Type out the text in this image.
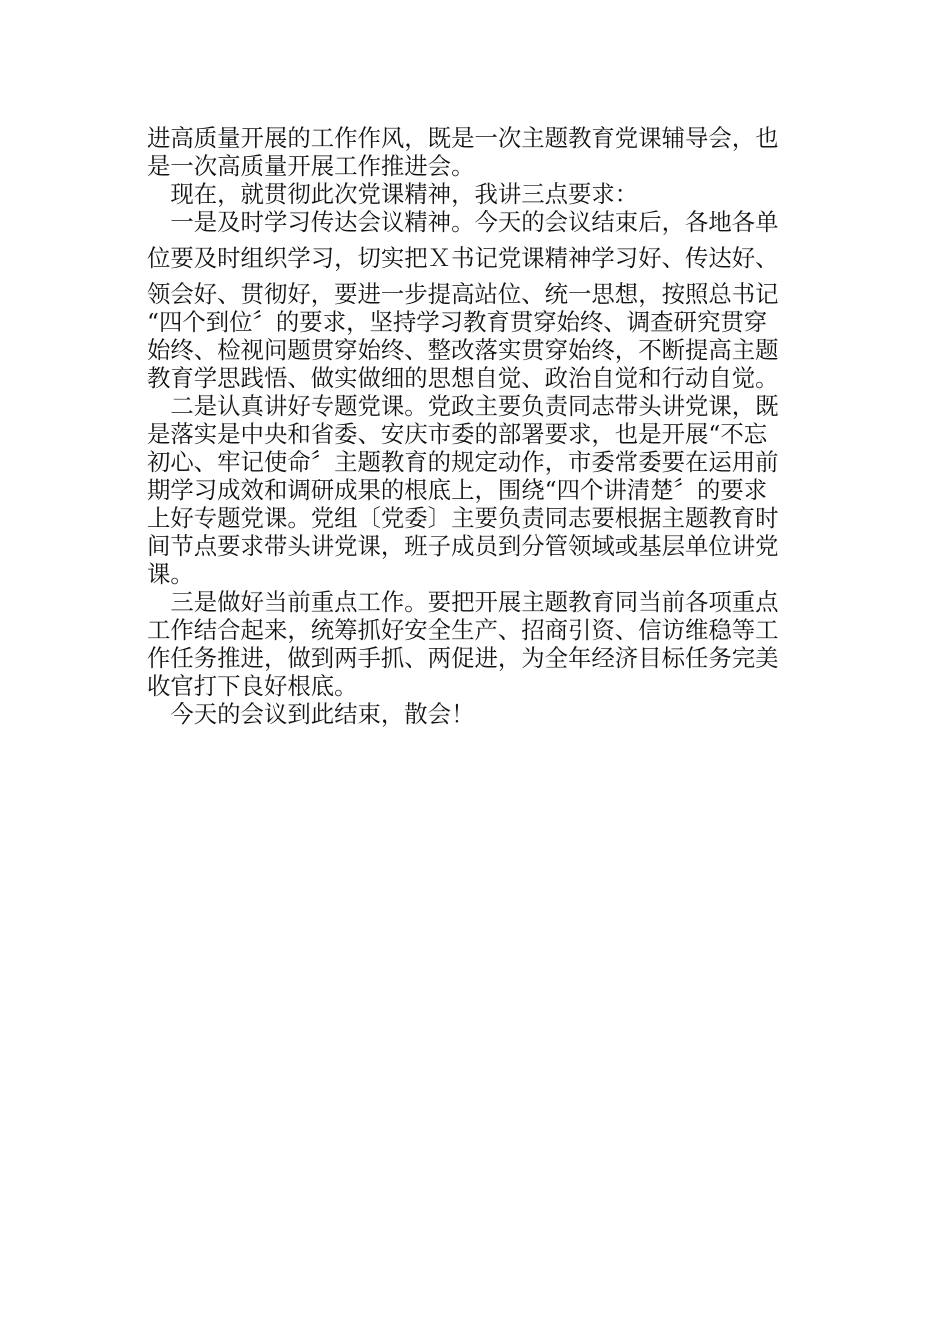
进高质量开展的工作作风，既是一次主题教育党课辅导会，也
是一次高质量开展工作推进会。
　现在，就贯彻此次党课精神，我讲三点要求：
　一是及时学习传达会议精神。今天的会议结束后，各地各单
位要及时组织学习，切实把Ｘ书记党课精神学习好、传达好、
领会好、贯彻好，要进一步提高站位、统一思想，按照总书记
“四个到位〞的要求，坚持学习教育贯穿始终、调查研究贯穿
始终、检视问题贯穿始终、整改落实贯穿始终，不断提高主题
教育学思践悟、做实做细的思想自觉、政治自觉和行动自觉。
　二是认真讲好专题党课。党政主要负责同志带头讲党课，既
是落实是中央和省委、安庆市委的部署要求，也是开展“不忘
初心、牢记使命〞主题教育的规定动作，市委常委要在运用前
期学习成效和调研成果的根底上，围绕“四个讲清楚〞的要求
上好专题党课。党组〔党委〕主要负责同志要根据主题教育时
间节点要求带头讲党课，班子成员到分管领域或基层单位讲党
课。
　三是做好当前重点工作。要把开展主题教育同当前各项重点
工作结合起来，统筹抓好安全生产、招商引资、信访维稳等工
作任务推进，做到两手抓、两促进，为全年经济目标任务完美
收官打下良好根底。
　今天的会议到此结束，散会！
